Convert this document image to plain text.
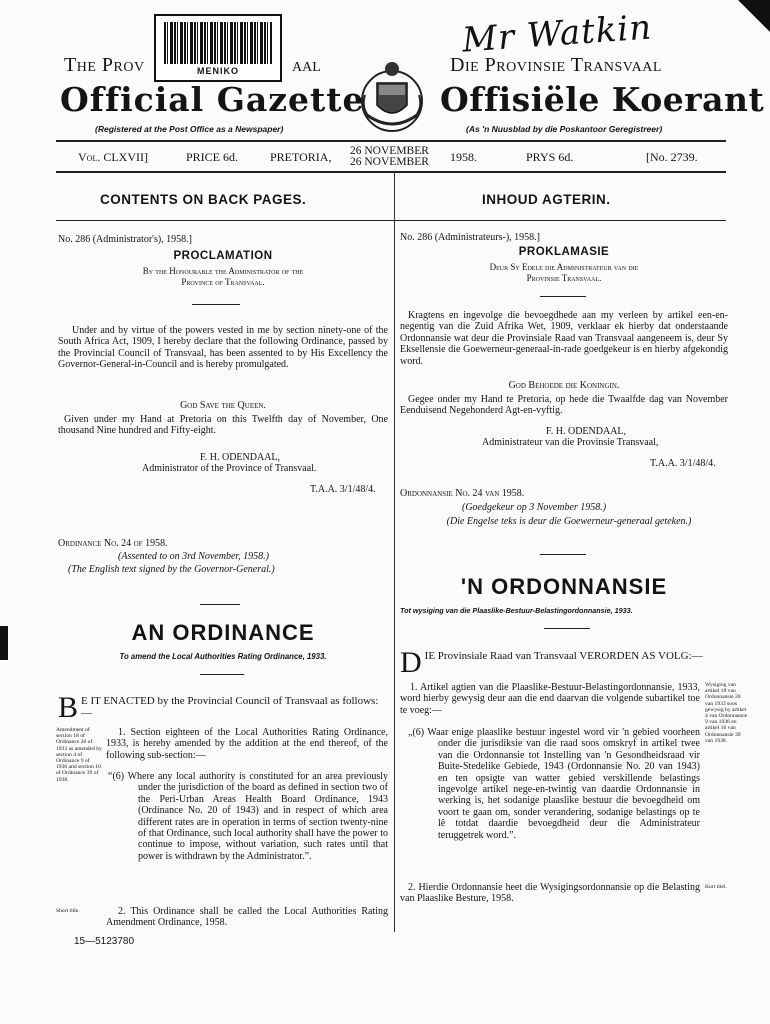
Mr Watkin
MENIKO
The Prov	aal	Die Provinsie Transvaal
Official Gazette Offisiële Koerant
(Registered at the Post Office as a Newspaper)	(As 'n Nuusblad by die Poskantoor Geregistreer)
Vol. CLXVII]	PRICE 6d.	PRETORIA, 26 NOVEMBER
26 NOVEMBER 1958.	PRYS 6d.	[No. 2739.
CONTENTS ON BACK PAGES.	INHOUD AGTERIN.
No. 286 (Administrator's), 1958.]
PROCLAMATION
By the Honourable the Administrator of the
Province of Transvaal.
Under and by virtue of the powers vested in me by section ninety-one of the South Africa Act, 1909, I hereby declare that the following Ordinance, passed by the Provincial Council of Transvaal, has been assented to by His Excellency the Governor-General-in-Council and is hereby promulgated.
God Save the Queen.
Given under my Hand at Pretoria on this Twelfth day of November, One thousand Nine hundred and Fifty-eight.
F. H. ODENDAAL,
Administrator of the Province of Transvaal.
T.A.A. 3/1/48/4.
Ordinance No. 24 of 1958.
(Assented to on 3rd November, 1958.)
(The English text signed by the Governor-General.)
AN ORDINANCE
To amend the Local Authorities Rating Ordinance, 1933.
B E IT ENACTED by the Provincial Council of Transvaal as follows:—
Amendment of section 18 of Ordinance 20 of 1933 as amended by section 4 of Ordinance 9 of 1936 and section 10 of Ordinance 39 of 1938.
1. Section eighteen of the Local Authorities Rating Ordinance, 1933, is hereby amended by the addition at the end thereof, of the following sub-section:—
“(6) Where any local authority is constituted for an area previously under the jurisdiction of the board as defined in section two of the Peri-Urban Areas Health Board Ordinance, 1943 (Ordinance No. 20 of 1943) and in respect of which area different rates are in operation in terms of section twenty-nine of that Ordinance, such local authority shall have the power to continue to impose, without variation, such rates until that power is withdrawn by the Administrator.”.
Short title.	2. This Ordinance shall be called the Local Authorities Rating Amendment Ordinance, 1958.
15—5123780
No. 286 (Administrateurs-), 1958.]
PROKLAMASIE
Deur Sy Edele die Administrateur van die
Provinsie Transvaal.
Kragtens en ingevolge die bevoegdhede aan my verleen by artikel een-en-negentig van die Zuid Afrika Wet, 1909, verklaar ek hierby dat onderstaande Ordonnansie wat deur die Provinsiale Raad van Transvaal aangeneem is, deur Sy Eksellensie die Goewerneur-generaal-in-rade goedgekeur is en hierby afgekondig word.
God Behoede die Koningin.
Gegee onder my Hand te Pretoria, op hede die Twaalfde dag van November Eenduisend Negehonderd Agt-en-vyftig.
F. H. ODENDAAL,
Administrateur van die Provinsie Transvaal,
T.A.A. 3/1/48/4.
Ordonnansie No. 24 van 1958.
(Goedgekeur op 3 November 1958.)
(Die Engelse teks is deur die Goewerneur-generaal geteken.)
'N ORDONNANSIE
Tot wysiging van die Plaaslike-Bestuur-Belastingordonnansie, 1933.
D IE Provinsiale Raad van Transvaal VERORDEN AS VOLG:—
1. Artikel agtien van die Plaaslike-Bestuur-Belastingordonnansie, 1933, word hierby gewysig deur aan die end daarvan die volgende subartikel toe te voeg:—
Wysiging van artikel 18 van Ordonnansie 20 van 1933 soos gewysig by artikel 4 van Ordonnansie 9 van 1936 en artikel 10 van Ordonnansie 39 van 1938.
„(6) Waar enige plaaslike bestuur ingestel word vir 'n gebied voorheen onder die jurisdiksie van die raad soos omskryf in artikel twee van die Ordonnansie tot Instelling van 'n Gesondheidsraad vir Buite-Stedelike Gebiede, 1943 (Ordonnansie No. 20 van 1943) en ten opsigte van watter gebied verskillende belastings ingevolge artikel nege-en-twintig van daardie Ordonnansie in werking is, het sodanige plaaslike bestuur die bevoegdheid om voort te gaan om, sonder verandering, sodanige belastings op te lê totdat daardie bevoegdheid deur die Administrateur teruggetrek word.”.
2. Hierdie Ordonnansie heet die Wysigingsordonnansie op die Belasting van Plaaslike Besture, 1958.
Kort titel.
